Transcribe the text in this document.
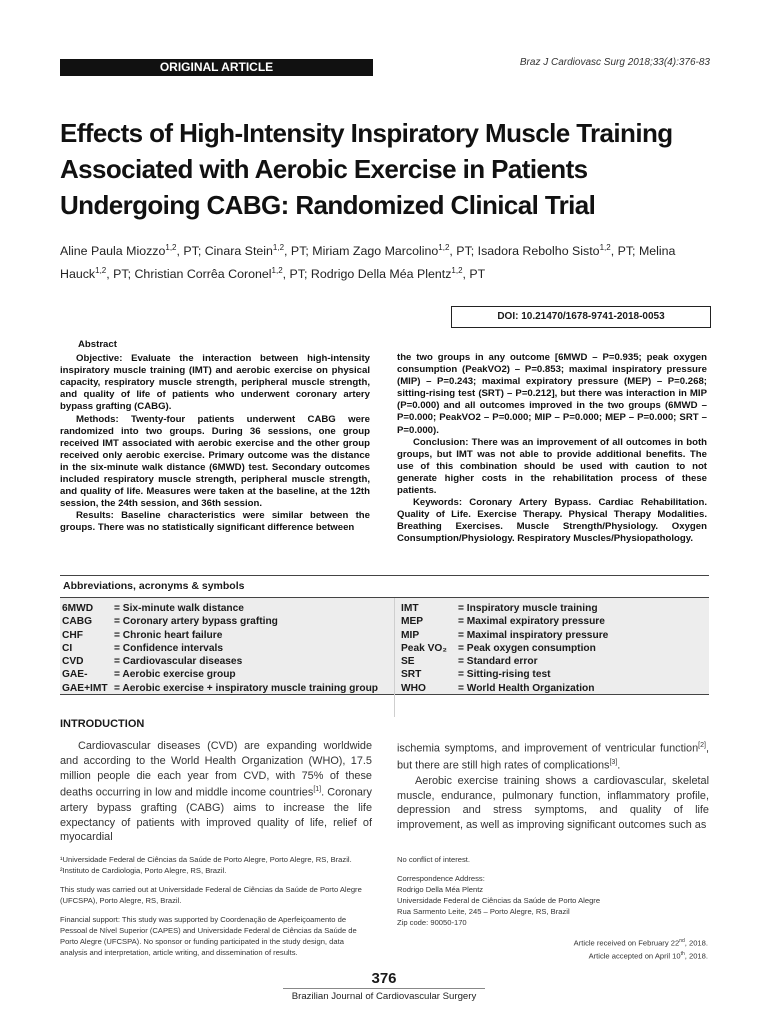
ORIGINAL ARTICLE	Braz J Cardiovasc Surg 2018;33(4):376-83
Effects of High-Intensity Inspiratory Muscle Training Associated with Aerobic Exercise in Patients Undergoing CABG: Randomized Clinical Trial
Aline Paula Miozzo$^{1,2}$, PT; Cinara Stein$^{1,2}$, PT; Miriam Zago Marcolino$^{1,2}$, PT; Isadora Rebolho Sisto$^{1,2}$, PT; Melina Hauck$^{1,2}$, PT; Christian Corrêa Coronel$^{1,2}$, PT; Rodrigo Della Méa Plentz$^{1,2}$, PT
DOI: 10.21470/1678-9741-2018-0053

Abstract

Objective: Evaluate the interaction between high-intensity inspiratory muscle training (IMT) and aerobic exercise on physical capacity, respiratory muscle strength, peripheral muscle strength, and quality of life of patients who underwent coronary artery bypass grafting (CABG).

Methods: Twenty-four patients underwent CABG were randomized into two groups. During 36 sessions, one group received IMT associated with aerobic exercise and the other group received only aerobic exercise. Primary outcome was the distance in the six-minute walk distance (6MWD) test. Secondary outcomes included respiratory muscle strength, peripheral muscle strength, and quality of life. Measures were taken at the baseline, at the 12th session, the 24th session, and 36th session.

Results: Baseline characteristics were similar between the groups. There was no statistically significant difference between

the two groups in any outcome [6MWD – P=0.935; peak oxygen consumption (PeakVO2) – P=0.853; maximal inspiratory pressure (MIP) – P=0.243; maximal expiratory pressure (MEP) – P=0.268; sitting-rising test (SRT) – P=0.212], but there was interaction in MIP (P=0.000) and all outcomes improved in the two groups (6MWD – P=0.000; PeakVO2 – P=0.000; MIP – P=0.000; MEP – P=0.000; SRT – P=0.000).

Conclusion: There was an improvement of all outcomes in both groups, but IMT was not able to provide additional benefits. The use of this combination should be used with caution to not generate higher costs in the rehabilitation process of these patients.

Keywords: Coronary Artery Bypass. Cardiac Rehabilitation. Quality of Life. Exercise Therapy. Physical Therapy Modalities. Breathing Exercises. Muscle Strength/Physiology. Oxygen Consumption/Physiology. Respiratory Muscles/Physiopathology.

Abbreviations, acronyms & symbols
6MWD	= Six-minute walk distance
CABG	= Coronary artery bypass grafting
CHF	= Chronic heart failure
CI	= Confidence intervals
CVD	= Cardiovascular diseases
GAE-	= Aerobic exercise group
GAE+IMT = Aerobic exercise + inspiratory muscle training group
IMT	= Inspiratory muscle training
MEP	= Maximal expiratory pressure
MIP	= Maximal inspiratory pressure
Peak VO₂	= Peak oxygen consumption
SE	= Standard error
SRT	= Sitting-rising test
WHO	= World Health Organization
INTRODUCTION

Cardiovascular diseases (CVD) are expanding worldwide and according to the World Health Organization (WHO), 17.5 million people die each year from CVD, with 75% of these deaths occurring in low and middle income countries[1]. Coronary artery bypass grafting (CABG) aims to increase the life expectancy of patients with improved quality of life, relief of myocardial

ischemia symptoms, and improvement of ventricular function[2], but there are still high rates of complications[3].

Aerobic exercise training shows a cardiovascular, skeletal muscle, endurance, pulmonary function, inflammatory profile, depression and stress symptoms, and quality of life improvement, as well as improving significant outcomes such as

¹Universidade Federal de Ciências da Saúde de Porto Alegre, Porto Alegre, RS, Brazil.

²Instituto de Cardiologia, Porto Alegre, RS, Brazil.

This study was carried out at Universidade Federal de Ciências da Saúde de Porto Alegre (UFCSPA), Porto Alegre, RS, Brazil.

Financial support: This study was supported by Coordenação de Aperfeiçoamento de Pessoal de Nível Superior (CAPES) and Universidade Federal de Ciências da Saúde de Porto Alegre (UFCSPA). No sponsor or funding participated in the study design, data analysis and interpretation, article writing, and dissemination of results.

No conflict of interest.

Correspondence Address:

Rodrigo Della Méa Plentz

Universidade Federal de Ciências da Saúde de Porto Alegre

Rua Sarmento Leite, 245 – Porto Alegre, RS, Brazil

Zip code: 90050-170

Article received on February 22nd, 2018.
Article accepted on April 10th, 2018.
376
Brazilian Journal of Cardiovascular Surgery
